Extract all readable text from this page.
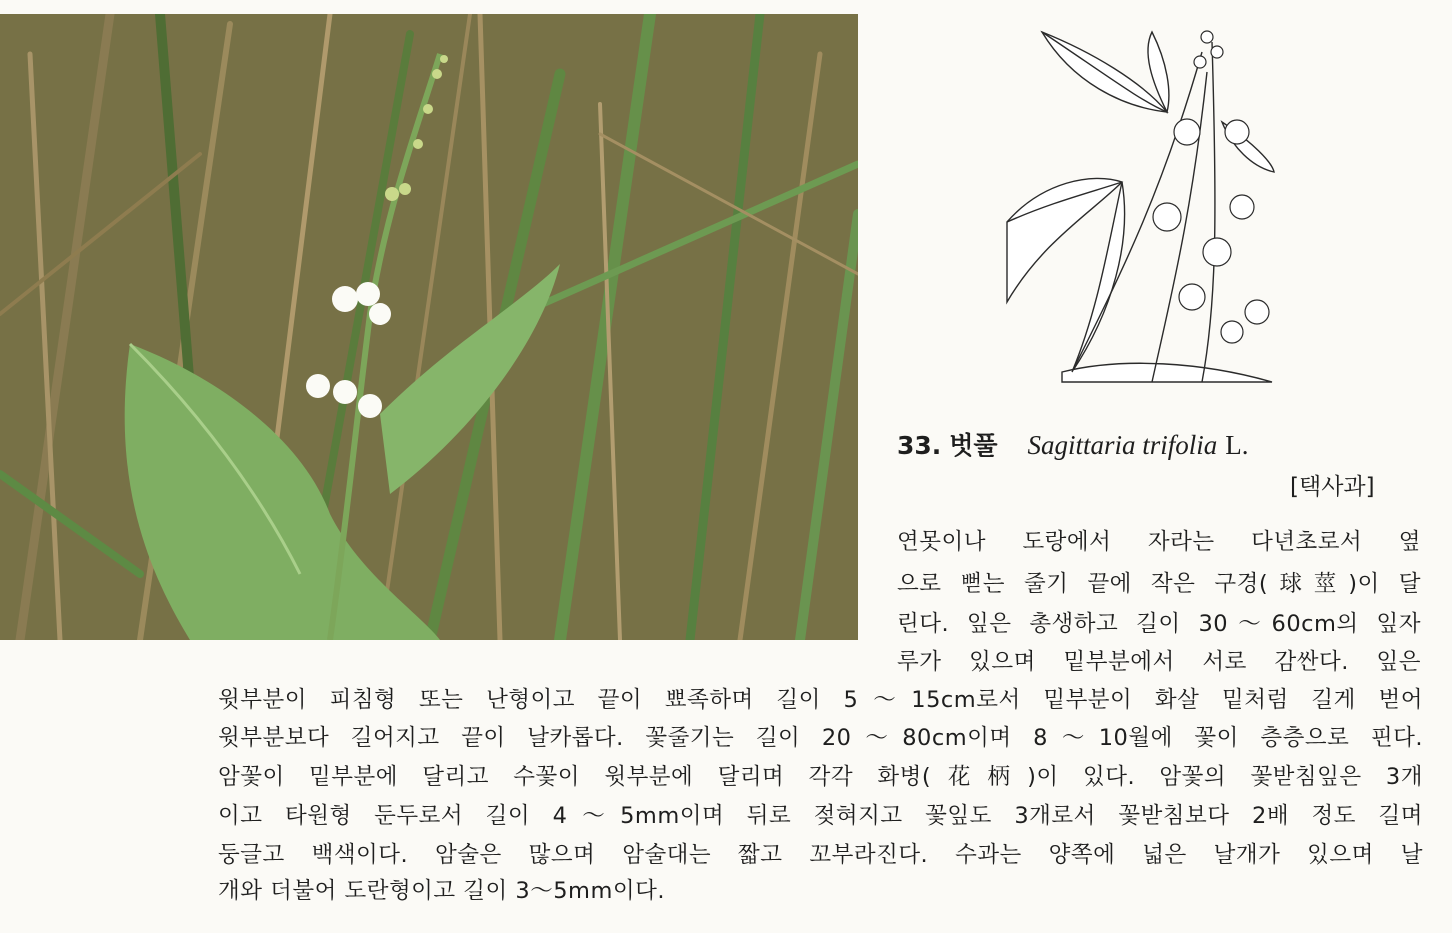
33. 벗풀 Sagittaria trifolia L.
[택사과]
연못이나 도랑에서 자라는 다년초로서 옆
으로 뻗는 줄기 끝에 작은 구경(球莖)이 달
린다. 잎은 총생하고 길이 30～60cm의 잎자
루가 있으며 밑부분에서 서로 감싼다. 잎은
윗부분이 피침형 또는 난형이고 끝이 뾰족하며 길이 5～15cm로서 밑부분이 화살 밑처럼 길게 벋어
윗부분보다 길어지고 끝이 날카롭다. 꽃줄기는 길이 20～80cm이며 8～10월에 꽃이 층층으로 핀다.
암꽃이 밑부분에 달리고 수꽃이 윗부분에 달리며 각각 화병(花柄)이 있다. 암꽃의 꽃받침잎은 3개
이고 타원형 둔두로서 길이 4～5mm이며 뒤로 젖혀지고 꽃잎도 3개로서 꽃받침보다 2배 정도 길며
둥글고 백색이다. 암술은 많으며 암술대는 짧고 꼬부라진다. 수과는 양쪽에 넓은 날개가 있으며 날
개와 더불어 도란형이고 길이 3～5mm이다.
